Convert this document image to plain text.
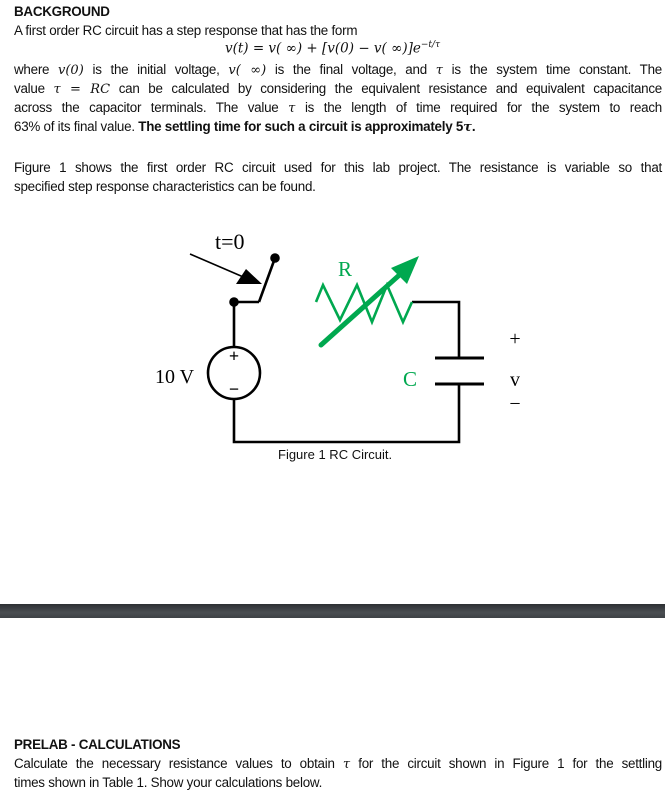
BACKGROUND
A first order RC circuit has a step response that has the form
v(t) = v( ∞) + [v(0) − v( $\infty)]e^{-t/\tau}$
where v(0) is the initial voltage, v( ∞) is the final voltage, and τ is the system time constant. The
value τ = RC can be calculated by considering the equivalent resistance and equivalent capacitance
across the capacitor terminals. The value τ is the length of time required for the system to reach
63% of its final value. The settling time for such a circuit is approximately 5τ.
Figure 1 shows the first order RC circuit used for this lab project. The resistance is variable so that
specified step response characteristics can be found.
t=0
+
−
10 V
R
C
+
v
−
Figure 1 RC Circuit.
PRELAB - CALCULATIONS
Calculate the necessary resistance values to obtain τ for the circuit shown in Figure 1 for the settling
times shown in Table 1. Show your calculations below.
